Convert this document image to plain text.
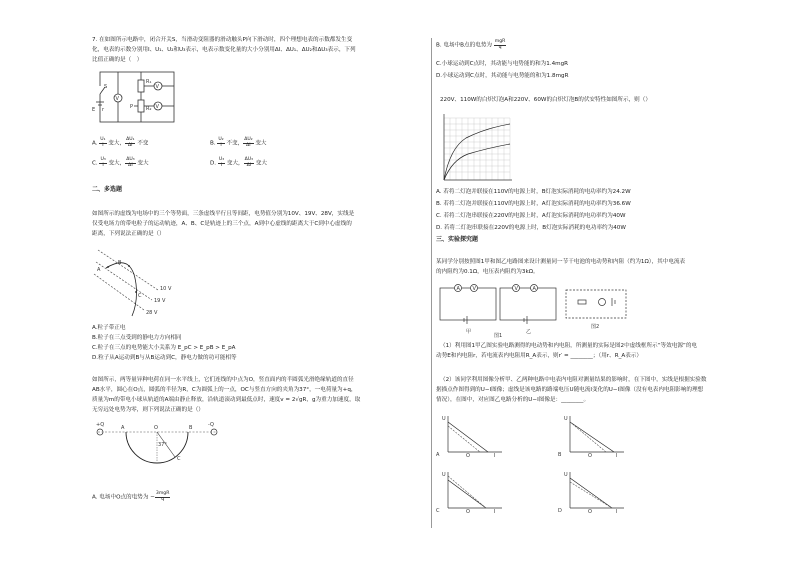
7. 在如图所示电路中，闭合开关S，当滑动变阻器的滑动触头P向下滑动时，四个理想电表的示数都发生变
化，电表的示数分别用I、U₁、U₂和U₃表示，电表示数变化量的大小分别用ΔI、ΔU₁、ΔU₂和ΔU₃表示，下列
比值正确的是（　）
S
E r
V
R₁
R₂
P
V
V
A. $\frac{\text{U₁}}{I}$ 变大， $\frac{\text{ΔU₁}}{\Delta I}$ 不变	B. $\frac{\text{U₂}}{I}$ 不变， $\frac{\text{ΔU₂}}{\Delta I}$ 变大
C. $\frac{\text{U₃}}{I}$ 变大， $\frac{\text{ΔU₃}}{\Delta I}$ 变大	D. $\frac{\text{U₃}}{I}$ 变大， $\frac{\text{ΔU₃}}{\Delta I}$ 变大
二、多选题
如图所示的虚线为电场中的三个等势面，三条虚线平行且等间距，电势值分别为10V、19V、28V，实线是
仅受电场力的带电粒子的运动轨迹，A、B、C是轨迹上的三个点，A到中心虚线的距离大于C到中心虚线的
距离，下列说法正确的是（）
A
B
C
10 V
19 V
28 V
A.粒子带正电
B.粒子在三点受到的静电力方向相同
C.粒子在三点的电势能大小关系为 E_pC > E_pB > E_pA
D.粒子从A运动到B与从B运动到C，静电力做的功可能相等
如图所示，两等量异种电荷在同一水平线上，它们连线的中点为O，竖直面内的半圆弧光滑绝缘轨道的直径
AB水平，圆心在O点，圆弧的半径为R，C为圆弧上的一点，OC与竖直方向的夹角为37°，一电荷量为+q，
质量为m的带电小球从轨道的A端由静止释放，沿轨道滚动到最低点时，速度v = 2√gR，g为重力加速度，取
无穷远处电势为零，则下列说法正确的是（）
+Q	-Q
A	B
O
C
37°
A. 电场中O点的电势为 − $\frac{\text{3mgR}}{q}$
B. 电场中B点的电势为 $\frac{\text{mgR}}{q}$
C.小球运动到C点时，其动能与电势能的和为1.4mgR
D.小球运动到C点时，其动能与电势能的和为1.8mgR
220V、110W的白炽灯泡A和220V、60W的白炽灯泡B的伏安特性如图所示，则（）
A. 若将二灯泡并联接在110V的电源上时，B灯泡实际消耗的电功率约为24.2W
B. 若将二灯泡并联接在110V的电源上时，A灯泡实际消耗的电功率约为36.6W
C. 若将二灯泡串联接在220V的电源上时，A灯泡实际消耗的电功率约为40W
D. 若将二灯泡串联接在220V的电源上时，B灯泡实际消耗的电功率约为40W
三、实验探究题
某同学分别按照图1甲和图乙电路图来设计测量同一节干电池的电动势和内阻（约为1Ω），其中电流表
的内阻约为0.1Ω，电压表内阻约为3kΩ。
A	V	V	A
甲	乙
图1
图2
（1）利用图1甲乙图实验电路测得的电动势和内电阻，所测量的实际是图2中虚线框所示“等效电源”的电
动势E和内电阻r，若电流表内电阻用R_A表示，则r′ = ________；（用r、R_A表示）
（2）该同学利用图像分析甲、乙两种电路中电表内电阻对测量结果的影响时，在下图中，实线是根据实验数
据描点作图得到的U−I图像；虚线是该电路的路端电压U随电流I变化的U−I图像（没有电表内电阻影响的理想
情况），在图中，对应图乙电路分析的U−I图像是：________。
A
U
O	I	B
U
O	I
C
U
O	I	D
U
O	I
